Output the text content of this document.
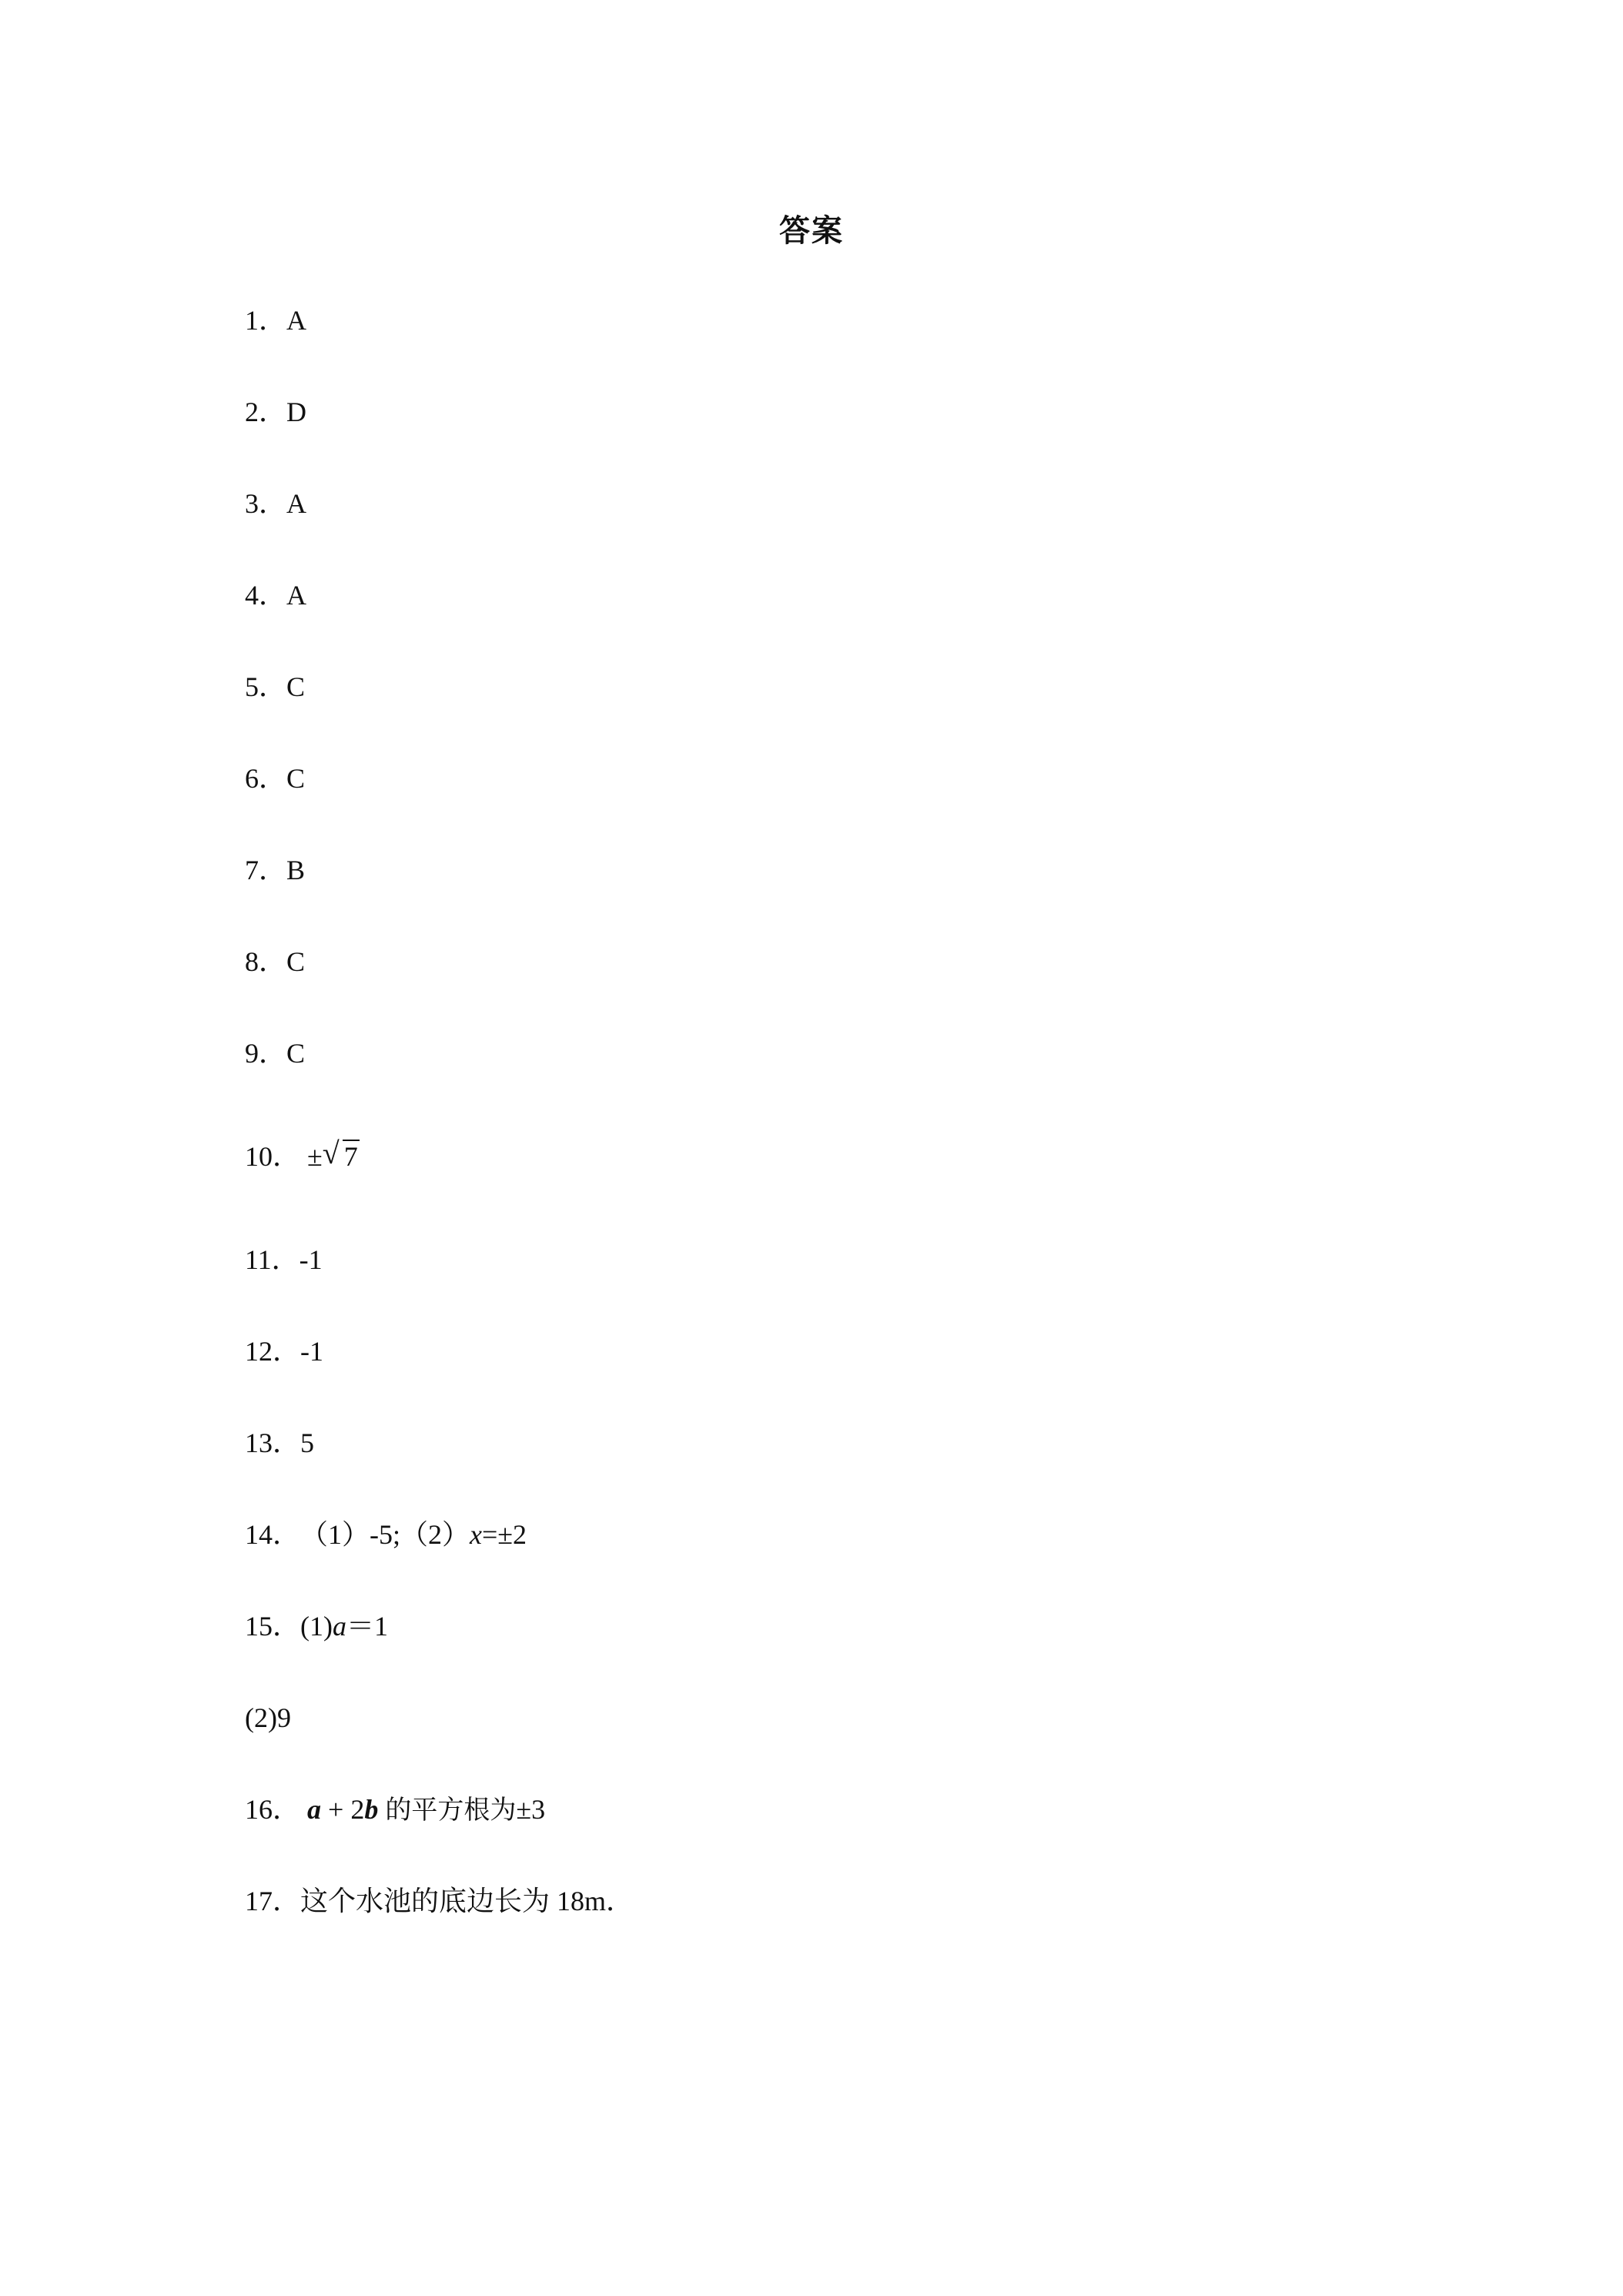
答案
1．A
2．D
3．A
4．A
5．C
6．C
7．B
8．C
9．C
10． ± √ 7
11．-1
12．-1
13．5
14．（1）-5;（2）x=±2
15．(1)a＝1
(2)9
16． a + 2b 的平方根为±3
17．这个水池的底边长为 18m．
